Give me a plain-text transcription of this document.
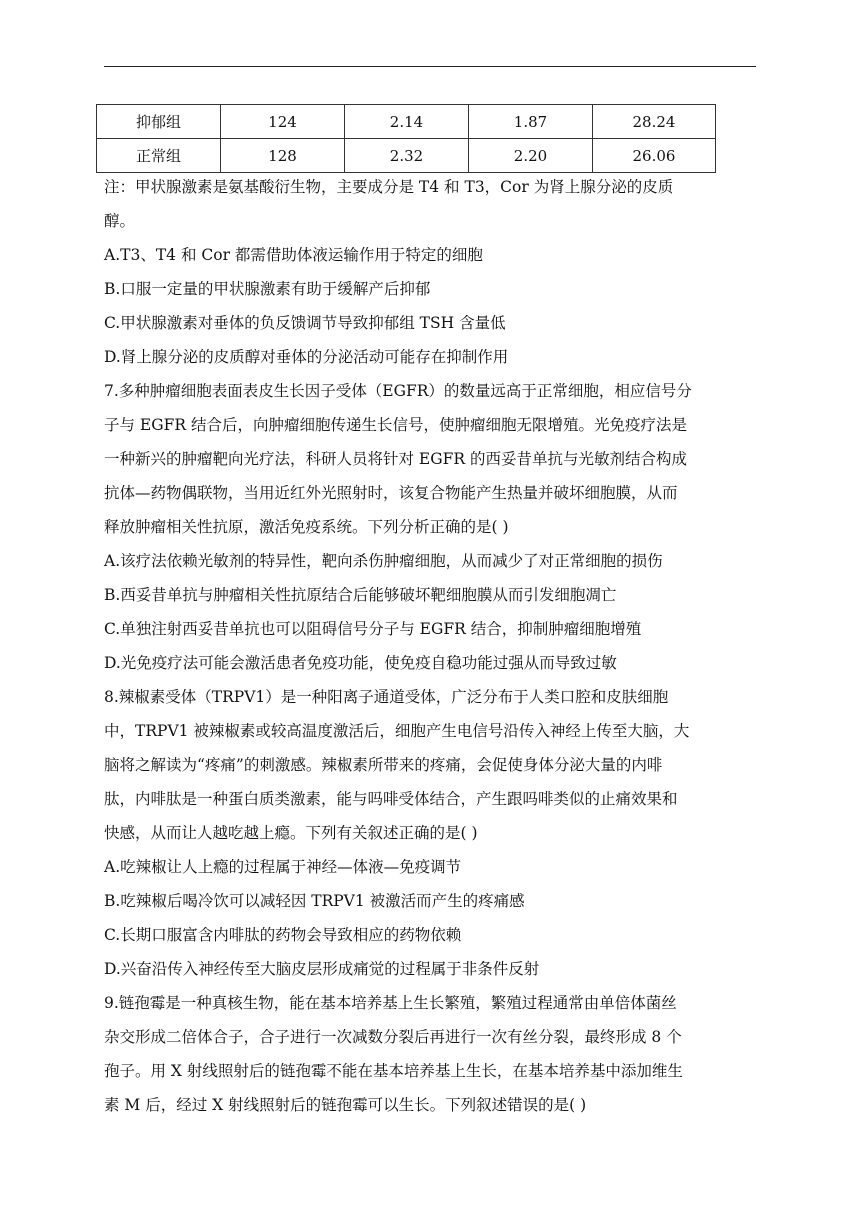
抑郁组	124	2.14	1.87	28.24
正常组	128	2.32	2.20	26.06

注：甲状腺激素是氨基酸衍生物，主要成分是 T4 和 T3，Cor 为肾上腺分泌的皮质

醇。

A.T3、T4 和 Cor 都需借助体液运输作用于特定的细胞

B.口服一定量的甲状腺激素有助于缓解产后抑郁

C.甲状腺激素对垂体的负反馈调节导致抑郁组 TSH 含量低

D.肾上腺分泌的皮质醇对垂体的分泌活动可能存在抑制作用

7.多种肿瘤细胞表面表皮生长因子受体（EGFR）的数量远高于正常细胞，相应信号分

子与 EGFR 结合后，向肿瘤细胞传递生长信号，使肿瘤细胞无限增殖。光免疫疗法是

一种新兴的肿瘤靶向光疗法，科研人员将针对 EGFR 的西妥昔单抗与光敏剂结合构成

抗体—药物偶联物，当用近红外光照射时，该复合物能产生热量并破坏细胞膜，从而

释放肿瘤相关性抗原，激活免疫系统。下列分析正确的是( )

A.该疗法依赖光敏剂的特异性，靶向杀伤肿瘤细胞，从而减少了对正常细胞的损伤

B.西妥昔单抗与肿瘤相关性抗原结合后能够破坏靶细胞膜从而引发细胞凋亡

C.单独注射西妥昔单抗也可以阻碍信号分子与 EGFR 结合，抑制肿瘤细胞增殖

D.光免疫疗法可能会激活患者免疫功能，使免疫自稳功能过强从而导致过敏

8.辣椒素受体（TRPV1）是一种阳离子通道受体，广泛分布于人类口腔和皮肤细胞

中，TRPV1 被辣椒素或较高温度激活后，细胞产生电信号沿传入神经上传至大脑，大

脑将之解读为“疼痛”的刺激感。辣椒素所带来的疼痛，会促使身体分泌大量的内啡

肽，内啡肽是一种蛋白质类激素，能与吗啡受体结合，产生跟吗啡类似的止痛效果和

快感，从而让人越吃越上瘾。下列有关叙述正确的是( )

A.吃辣椒让人上瘾的过程属于神经—体液—免疫调节

B.吃辣椒后喝冷饮可以减轻因 TRPV1 被激活而产生的疼痛感

C.长期口服富含内啡肽的药物会导致相应的药物依赖

D.兴奋沿传入神经传至大脑皮层形成痛觉的过程属于非条件反射

9.链孢霉是一种真核生物，能在基本培养基上生长繁殖，繁殖过程通常由单倍体菌丝

杂交形成二倍体合子，合子进行一次减数分裂后再进行一次有丝分裂，最终形成 8 个

孢子。用 X 射线照射后的链孢霉不能在基本培养基上生长，在基本培养基中添加维生

素 M 后，经过 X 射线照射后的链孢霉可以生长。下列叙述错误的是( )
